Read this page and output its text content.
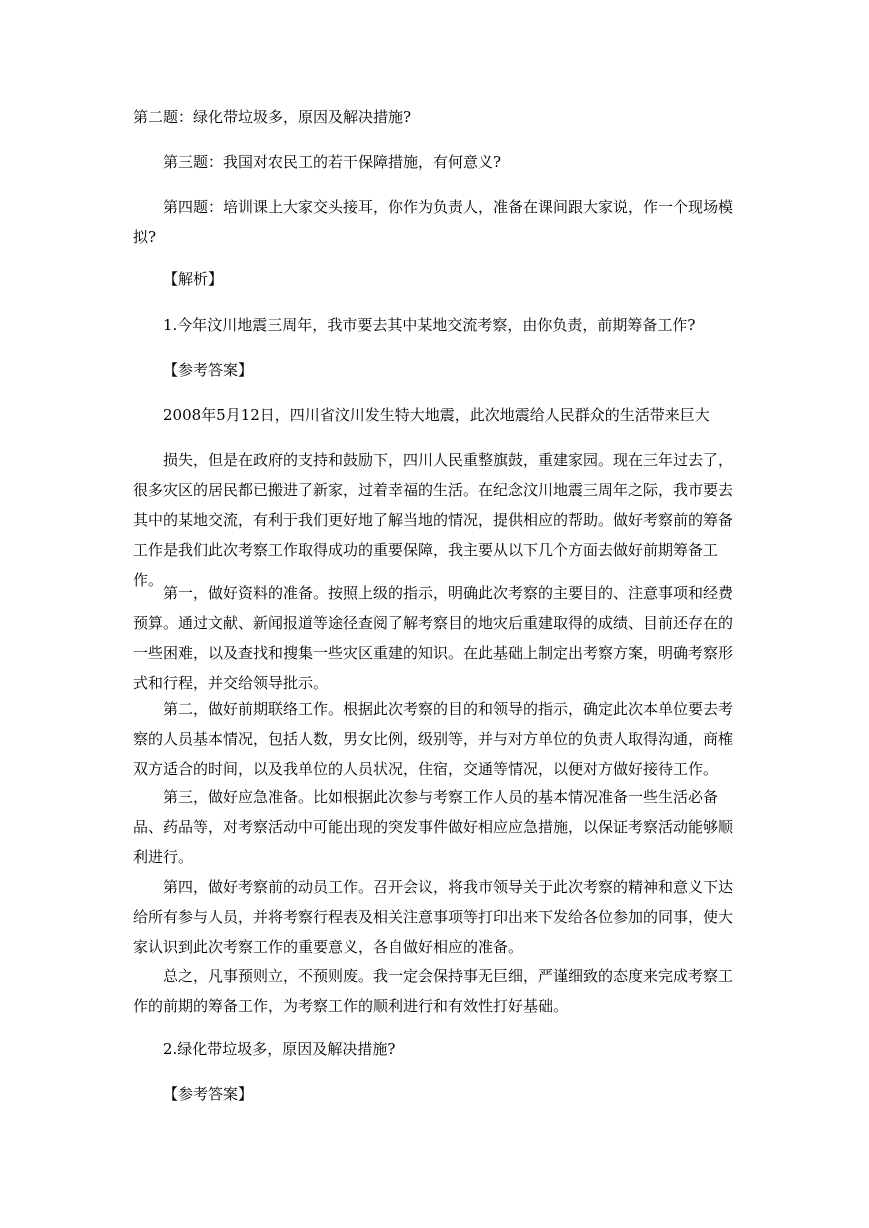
第二题：绿化带垃圾多，原因及解决措施?

第三题：我国对农民工的若干保障措施，有何意义?

第四题：培训课上大家交头接耳，你作为负责人，准备在课间跟大家说，作一个现场模拟?

【解析】

1.今年汶川地震三周年，我市要去其中某地交流考察，由你负责，前期筹备工作?

【参考答案】

2008年5月12日，四川省汶川发生特大地震，此次地震给人民群众的生活带来巨大

损失，但是在政府的支持和鼓励下，四川人民重整旗鼓，重建家园。现在三年过去了，很多灾区的居民都已搬进了新家，过着幸福的生活。在纪念汶川地震三周年之际，我市要去其中的某地交流，有利于我们更好地了解当地的情况，提供相应的帮助。做好考察前的筹备工作是我们此次考察工作取得成功的重要保障，我主要从以下几个方面去做好前期筹备工作。

第一，做好资料的准备。按照上级的指示，明确此次考察的主要目的、注意事项和经费预算。通过文献、新闻报道等途径查阅了解考察目的地灾后重建取得的成绩、目前还存在的一些困难，以及查找和搜集一些灾区重建的知识。在此基础上制定出考察方案，明确考察形式和行程，并交给领导批示。

第二，做好前期联络工作。根据此次考察的目的和领导的指示，确定此次本单位要去考察的人员基本情况，包括人数，男女比例，级别等，并与对方单位的负责人取得沟通，商榷双方适合的时间，以及我单位的人员状况，住宿，交通等情况，以便对方做好接待工作。

第三，做好应急准备。比如根据此次参与考察工作人员的基本情况准备一些生活必备品、药品等，对考察活动中可能出现的突发事件做好相应应急措施，以保证考察活动能够顺利进行。

第四，做好考察前的动员工作。召开会议，将我市领导关于此次考察的精神和意义下达给所有参与人员，并将考察行程表及相关注意事项等打印出来下发给各位参加的同事，使大家认识到此次考察工作的重要意义，各自做好相应的准备。

总之，凡事预则立，不预则废。我一定会保持事无巨细，严谨细致的态度来完成考察工作的前期的筹备工作，为考察工作的顺利进行和有效性打好基础。

2.绿化带垃圾多，原因及解决措施?

【参考答案】
